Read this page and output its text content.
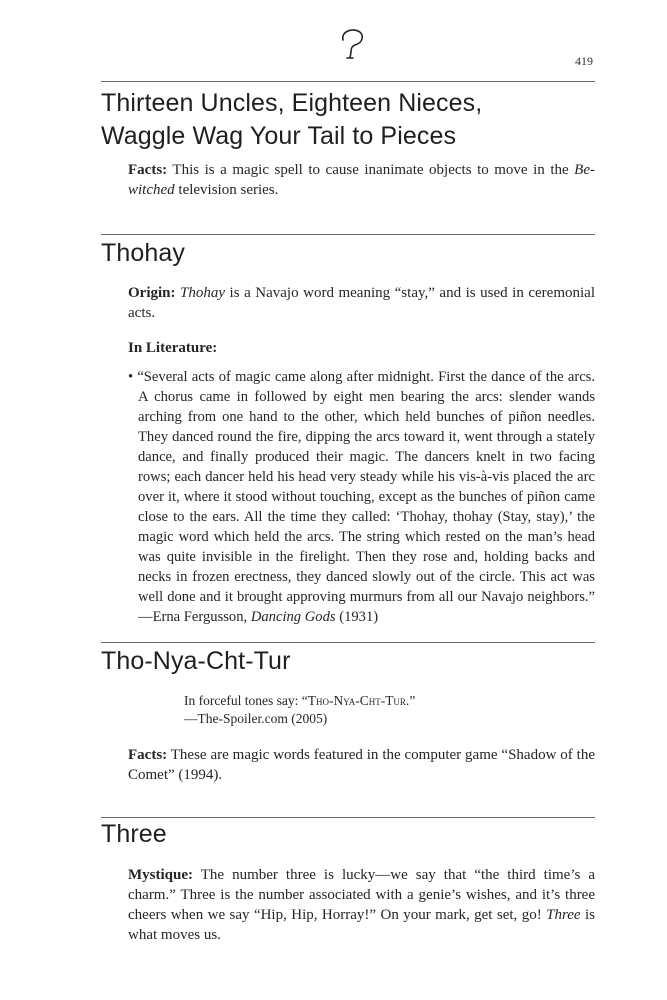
419
Thirteen Uncles, Eighteen Nieces,
Waggle Wag Your Tail to Pieces

Facts: This is a magic spell to cause inanimate objects to move in the Be-witched television series.

Thohay

Origin: Thohay is a Navajo word meaning “stay,” and is used in ceremonial acts.

In Literature:

• “Several acts of magic came along after midnight. First the dance of the arcs. A chorus came in followed by eight men bearing the arcs: slender wands arching from one hand to the other, which held bunches of piñon needles. They danced round the fire, dipping the arcs toward it, went through a stately dance, and finally produced their magic. The dancers knelt in two facing rows; each dancer held his head very steady while his vis-à-vis placed the arc over it, where it stood without touching, except as the bunches of piñon came close to the ears. All the time they called: ‘Thohay, thohay (Stay, stay),’ the magic word which held the arcs. The string which rested on the man’s head was quite invisible in the firelight. Then they rose and, holding backs and necks in frozen erectness, they danced slowly out of the circle. This act was well done and it brought approving murmurs from all our Navajo neighbors.” —Erna Fergusson, Dancing Gods (1931)

Tho-Nya-Cht-Tur

In forceful tones say: “Tho-Nya-Cht-Tur.”

—The-Spoiler.com (2005)

Facts: These are magic words featured in the computer game “Shadow of the Comet” (1994).

Three

Mystique: The number three is lucky—we say that “the third time’s a charm.” Three is the number associated with a genie’s wishes, and it’s three cheers when we say “Hip, Hip, Horray!” On your mark, get set, go! Three is what moves us.
